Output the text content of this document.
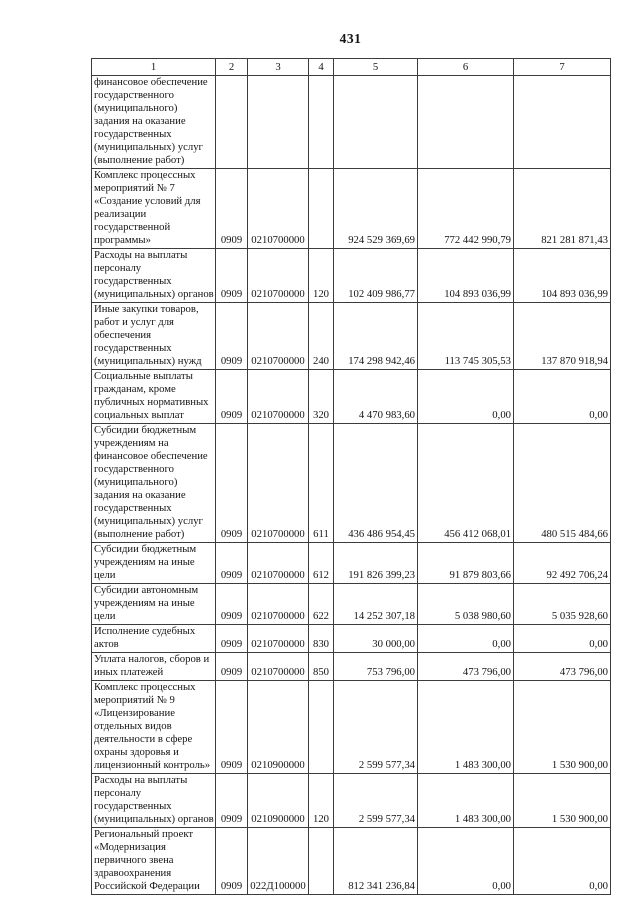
431
1	2	3	4	5	6	7
финансовое обеспечение государственного (муниципального) задания на оказание государственных (муниципальных) услуг (выполнение работ)						
Комплекс процессных мероприятий № 7 «Создание условий для реализации государственной программы»	0909	0210700000		924 529 369,69	772 442 990,79	821 281 871,43
Расходы на выплаты персоналу государственных (муниципальных) органов	0909	0210700000	120	102 409 986,77	104 893 036,99	104 893 036,99
Иные закупки товаров, работ и услуг для обеспечения государственных (муниципальных) нужд	0909	0210700000	240	174 298 942,46	113 745 305,53	137 870 918,94
Социальные выплаты гражданам, кроме публичных нормативных социальных выплат	0909	0210700000	320	4 470 983,60	0,00	0,00
Субсидии бюджетным учреждениям на финансовое обеспечение государственного (муниципального) задания на оказание государственных (муниципальных) услуг (выполнение работ)	0909	0210700000	611	436 486 954,45	456 412 068,01	480 515 484,66
Субсидии бюджетным учреждениям на иные цели	0909	0210700000	612	191 826 399,23	91 879 803,66	92 492 706,24
Субсидии автономным учреждениям на иные цели	0909	0210700000	622	14 252 307,18	5 038 980,60	5 035 928,60
Исполнение судебных актов	0909	0210700000	830	30 000,00	0,00	0,00
Уплата налогов, сборов и иных платежей	0909	0210700000	850	753 796,00	473 796,00	473 796,00
Комплекс процессных мероприятий № 9 «Лицензирование отдельных видов деятельности в сфере охраны здоровья и лицензионный контроль»	0909	0210900000		2 599 577,34	1 483 300,00	1 530 900,00
Расходы на выплаты персоналу государственных (муниципальных) органов	0909	0210900000	120	2 599 577,34	1 483 300,00	1 530 900,00
Региональный проект «Модернизация первичного звена здравоохранения Российской Федерации	0909	022Д100000		812 341 236,84	0,00	0,00
